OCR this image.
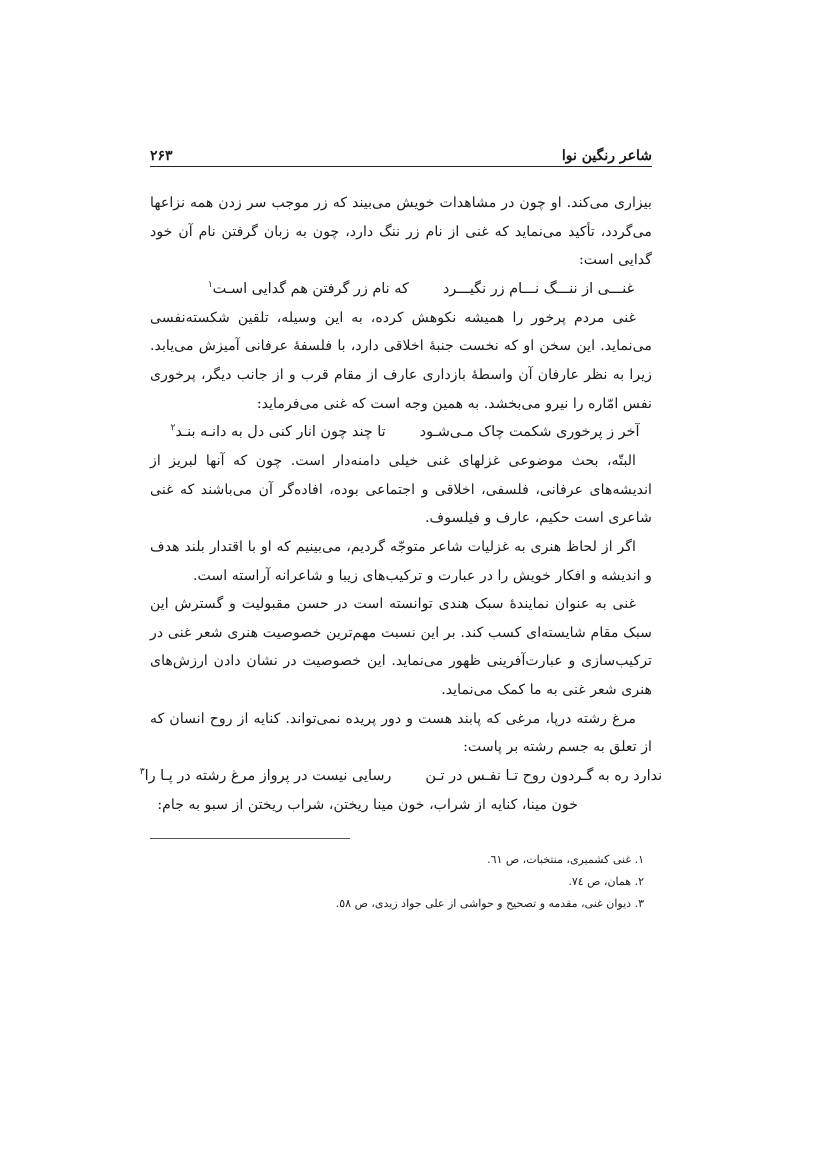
شاعر رنگین نوا
۲۶۳

بیزاری می‌کند. او چون در مشاهدات خویش می‌بیند که زر موجب سر زدن همه نزاعها می‌گردد، تأکید می‌نماید که غنی از نام زر ننگ دارد، چون به زبان گرفتن نام آن خود گدایی است:

غنـــی از ننـــگ نـــام زر نگیـــرد
که نام زر گرفتن هم گدایی اسـت$^۱$

غنی مردم پرخور را همیشه نکوهش کرده، به این وسیله، تلقین شکسته‌نفسی می‌نماید. این سخن او که نخست جنبهٔ اخلاقی دارد، با فلسفهٔ عرفانی آمیزش می‌یابد. زیرا به نظر عارفان آن واسطهٔ بازداری عارف از مقام قرب و از جانب دیگر، پرخوری نفس امّاره را نیرو می‌بخشد. به همین وجه است که غنی می‌فرماید:

آخر ز پرخوری شکمت چاک مـی‌شـود
تا چند چون انار کنی دل به دانـه بنـد$^۲$

البتّه، بحث موضوعی غزلهای غنی خیلی دامنه‌دار است. چون که آنها لبریز از اندیشه‌های عرفانی، فلسفی، اخلاقی و اجتماعی بوده، افاده‌گر آن می‌باشند که غنی شاعری است حکیم، عارف و فیلسوف.

اگر از لحاظ هنری به غزلیات شاعر متوجّه گردیم، می‌بینیم که او با اقتدار بلند هدف و اندیشه و افکار خویش را در عبارت و ترکیب‌های زیبا و شاعرانه آراسته است.

غنی به عنوان نمایندهٔ سبک هندی توانسته است در حسن مقبولیت و گسترش این سبک مقام شایسته‌ای کسب کند. بر این نسبت مهم‌ترین خصوصیت هنری شعر غنی در ترکیب‌سازی و عبارت‌آفرینی ظهور می‌نماید. این خصوصیت در نشان دادن ارزش‌های هنری شعر غنی به ما کمک می‌نماید.

مرغ رشته درپا، مرغی که پابند هست و دور پریده نمی‌تواند. کنایه از روح انسان که از تعلق به جسم رشته بر پاست:

ندارد ره به گـردون روح تـا نفـس در تـن
رسایی نیست در پرواز مرغ رشته در پـا را$^۳$

خون مینا، کنایه از شراب، خون مینا ریختن، شراب ریختن از سبو به جام:

۱. غنی کشمیری، منتخبات، ص ٦١.

۲. همان، ص ٧٤.

۳. دیوان غنی، مقدمه و تصحیح و حواشی از علی جواد زیدی، ص ٥٨.
